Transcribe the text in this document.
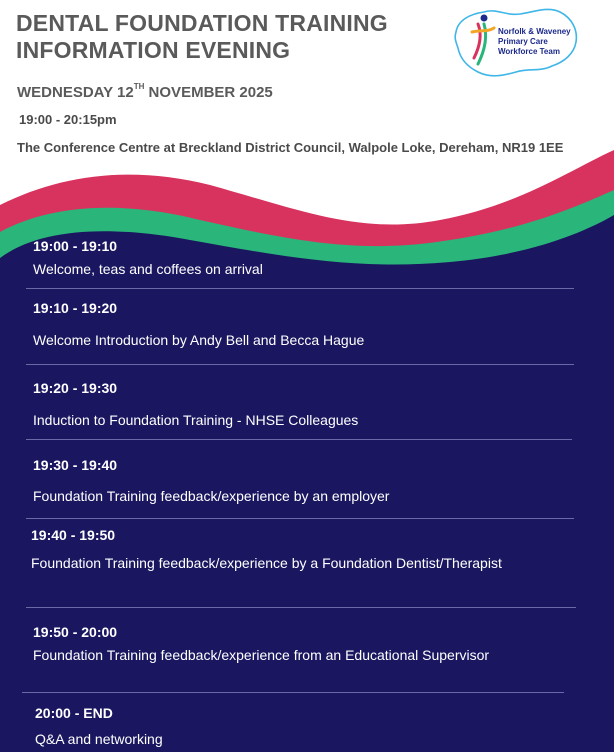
DENTAL FOUNDATION TRAINING
INFORMATION EVENING
WEDNESDAY 12TH NOVEMBER 2025
19:00 - 20:15pm
The Conference Centre at Breckland District Council, Walpole Loke, Dereham, NR19 1EE
Norfolk & Waveney
Primary Care
Workforce Team
19:00 - 19:10
Welcome, teas and coffees on arrival
19:10 - 19:20
Welcome Introduction by Andy Bell and Becca Hague
19:20 - 19:30
Induction to Foundation Training - NHSE Colleagues
19:30 - 19:40
Foundation Training feedback/experience by an employer
19:40 - 19:50
Foundation Training feedback/experience by a Foundation Dentist/Therapist
19:50 - 20:00
Foundation Training feedback/experience from an Educational Supervisor
20:00 - END
Q&A and networking
